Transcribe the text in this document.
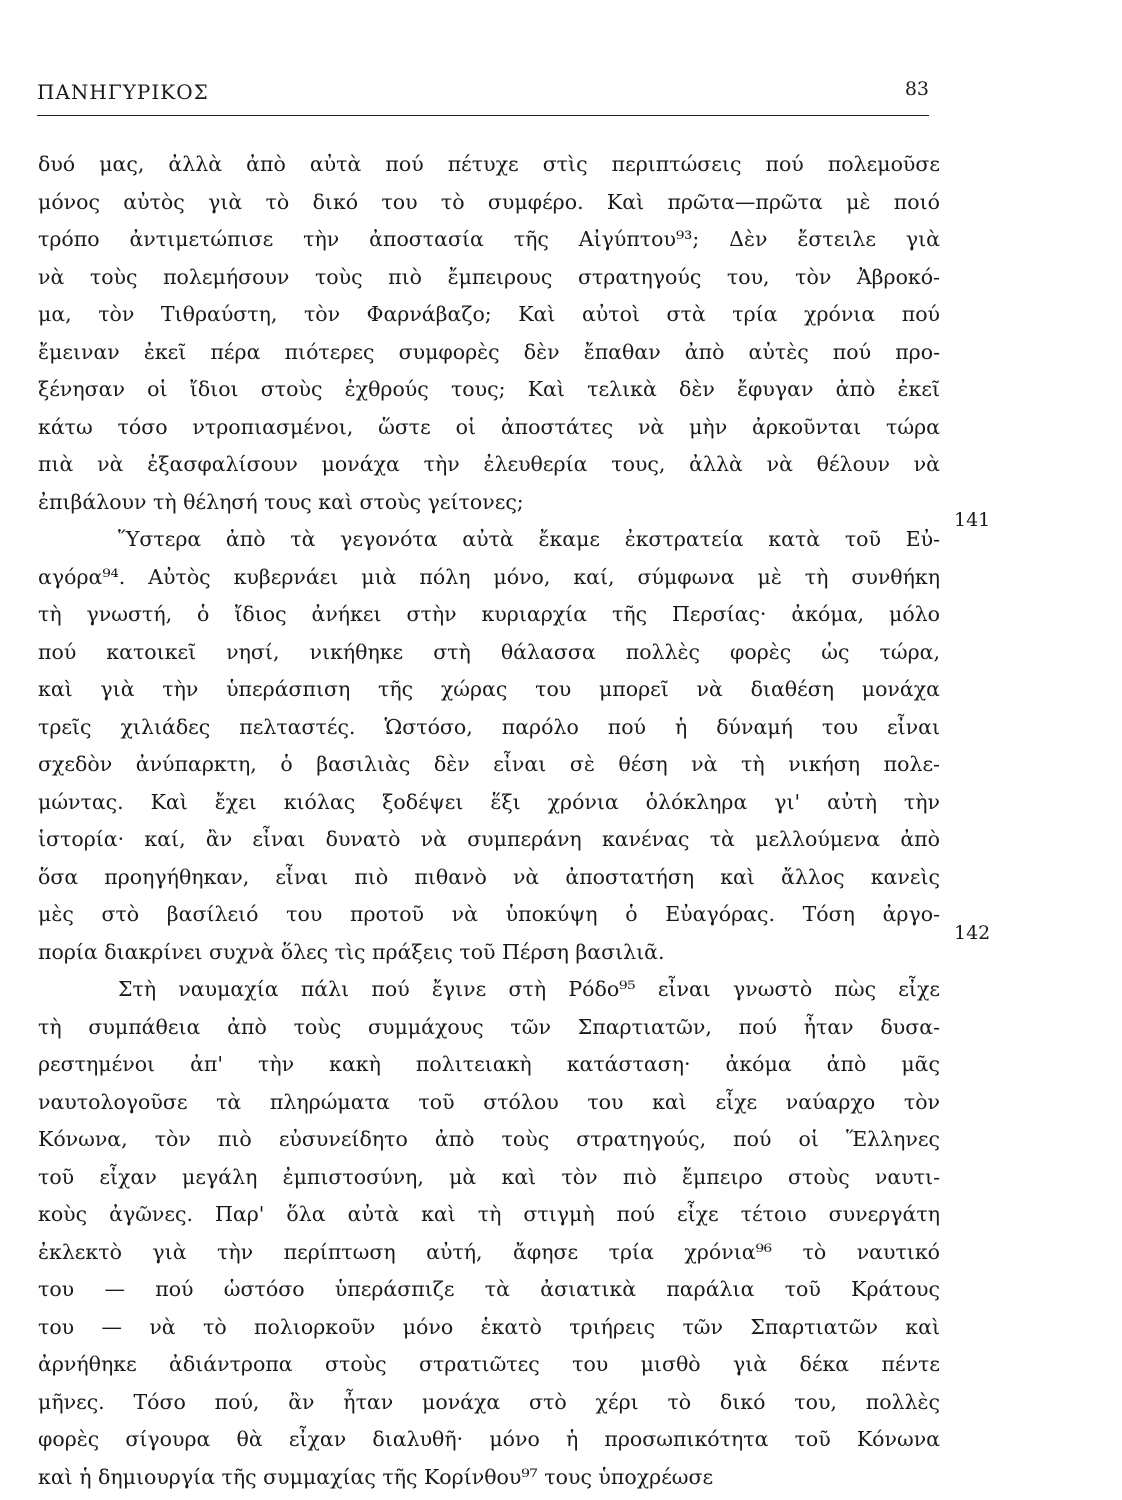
ΠΑΝΗΓΥΡΙΚΟΣ	83
δυό μας, ἀλλὰ ἀπὸ αὐτὰ πού πέτυχε στὶς περιπτώσεις πού πολεμοῦσε
μόνος αὐτὸς γιὰ τὸ δικό του τὸ συμφέρο. Καὶ πρῶτα—πρῶτα μὲ ποιό
τρόπο ἀντιμετώπισε τὴν ἀποστασία τῆς Αἰγύπτου⁹³; Δὲν ἔστειλε γιὰ
νὰ τοὺς πολεμήσουν τοὺς πιὸ ἔμπειρους στρατηγούς του, τὸν Ἀβροκό-
μα, τὸν Τιθραύστη, τὸν Φαρνάβαζο; Καὶ αὐτοὶ στὰ τρία χρόνια πού
ἔμειναν ἐκεῖ πέρα πιότερες συμφορὲς δὲν ἔπαθαν ἀπὸ αὐτὲς πού προ-
ξένησαν οἱ ἴδιοι στοὺς ἐχθρούς τους; Καὶ τελικὰ δὲν ἔφυγαν ἀπὸ ἐκεῖ
κάτω τόσο ντροπιασμένοι, ὥστε οἱ ἀποστάτες νὰ μὴν ἀρκοῦνται τώρα
πιὰ νὰ ἐξασφαλίσουν μονάχα τὴν ἐλευθερία τους, ἀλλὰ νὰ θέλουν νὰ
ἐπιβάλουν τὴ θέλησή τους καὶ στοὺς γείτονες;
Ὕστερα ἀπὸ τὰ γεγονότα αὐτὰ ἔκαμε ἐκστρατεία κατὰ τοῦ Εὐ-
αγόρα⁹⁴. Αὐτὸς κυβερνάει μιὰ πόλη μόνο, καί, σύμφωνα μὲ τὴ συνθήκη
τὴ γνωστή, ὁ ἴδιος ἀνήκει στὴν κυριαρχία τῆς Περσίας· ἀκόμα, μόλο
πού κατοικεῖ νησί, νικήθηκε στὴ θάλασσα πολλὲς φορὲς ὡς τώρα,
καὶ γιὰ τὴν ὑπεράσπιση τῆς χώρας του μπορεῖ νὰ διαθέση μονάχα
τρεῖς χιλιάδες πελταστές. Ὡστόσο, παρόλο πού ἡ δύναμή του εἶναι
σχεδὸν ἀνύπαρκτη, ὁ βασιλιὰς δὲν εἶναι σὲ θέση νὰ τὴ νικήση πολε-
μώντας. Καὶ ἔχει κιόλας ξοδέψει ἕξι χρόνια ὁλόκληρα γι' αὐτὴ τὴν
ἱστορία· καί, ἂν εἶναι δυνατὸ νὰ συμπεράνη κανένας τὰ μελλούμενα ἀπὸ
ὅσα προηγήθηκαν, εἶναι πιὸ πιθανὸ νὰ ἀποστατήση καὶ ἄλλος κανεὶς
μὲς στὸ βασίλειό του προτοῦ νὰ ὑποκύψη ὁ Εὐαγόρας. Τόση ἀργο-
πορία διακρίνει συχνὰ ὅλες τὶς πράξεις τοῦ Πέρση βασιλιᾶ.
Στὴ ναυμαχία πάλι πού ἔγινε στὴ Ρόδο⁹⁵ εἶναι γνωστὸ πὼς εἶχε
τὴ συμπάθεια ἀπὸ τοὺς συμμάχους τῶν Σπαρτιατῶν, πού ἦταν δυσα-
ρεστημένοι ἀπ' τὴν κακὴ πολιτειακὴ κατάσταση· ἀκόμα ἀπὸ μᾶς
ναυτολογοῦσε τὰ πληρώματα τοῦ στόλου του καὶ εἶχε ναύαρχο τὸν
Κόνωνα, τὸν πιὸ εὐσυνείδητο ἀπὸ τοὺς στρατηγούς, πού οἱ Ἕλληνες
τοῦ εἶχαν μεγάλη ἐμπιστοσύνη, μὰ καὶ τὸν πιὸ ἔμπειρο στοὺς ναυτι-
κοὺς ἀγῶνες. Παρ' ὅλα αὐτὰ καὶ τὴ στιγμὴ πού εἶχε τέτοιο συνεργάτη
ἐκλεκτὸ γιὰ τὴν περίπτωση αὐτή, ἄφησε τρία χρόνια⁹⁶ τὸ ναυτικό
του — πού ὡστόσο ὑπεράσπιζε τὰ ἀσιατικὰ παράλια τοῦ Κράτους
του — νὰ τὸ πολιορκοῦν μόνο ἑκατὸ τριήρεις τῶν Σπαρτιατῶν καὶ
ἀρνήθηκε ἀδιάντροπα στοὺς στρατιῶτες του μισθὸ γιὰ δέκα πέντε
μῆνες. Τόσο πού, ἂν ἦταν μονάχα στὸ χέρι τὸ δικό του, πολλὲς
φορὲς σίγουρα θὰ εἶχαν διαλυθῆ· μόνο ἡ προσωπικότητα τοῦ Κόνωνα
καὶ ἡ δημιουργία τῆς συμμαχίας τῆς Κορίνθου⁹⁷ τους ὑποχρέωσε
141
142
